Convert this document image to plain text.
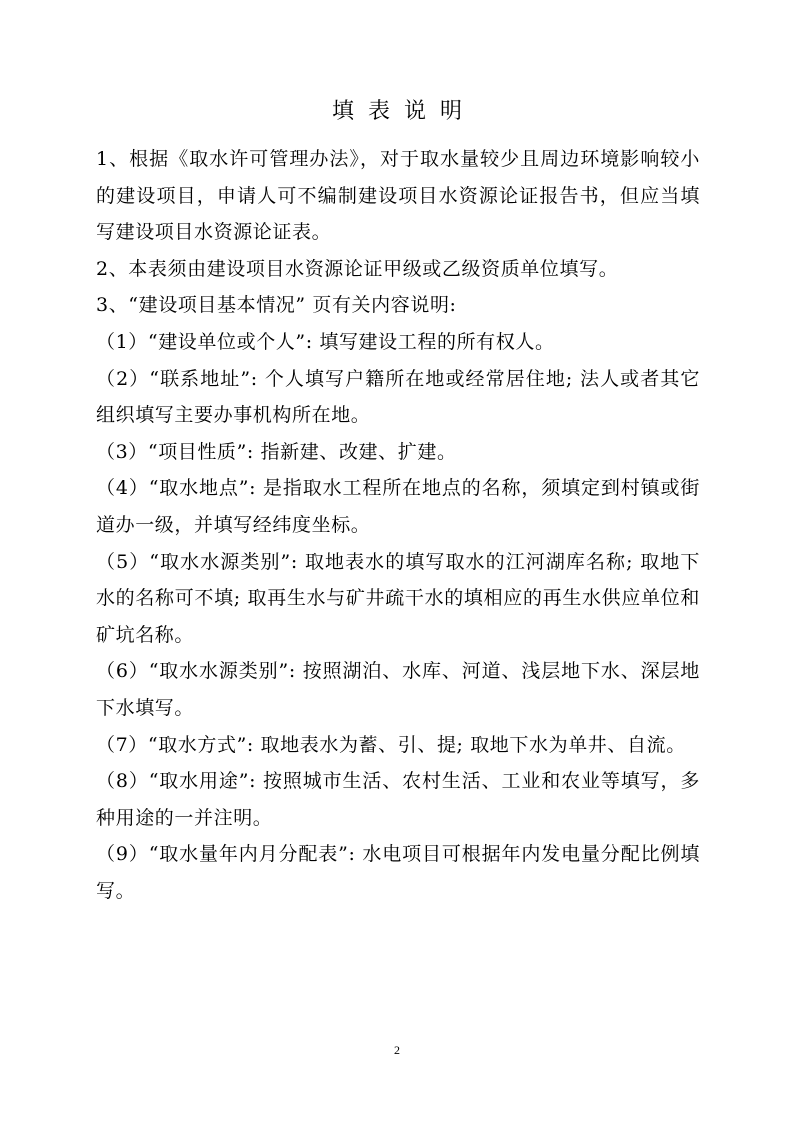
填表说明

1、根据《取水许可管理办法》，对于取水量较少且周边环境影响较小的建设项目，申请人可不编制建设项目水资源论证报告书，但应当填写建设项目水资源论证表。

2、本表须由建设项目水资源论证甲级或乙级资质单位填写。

3、“建设项目基本情况” 页有关内容说明:

（1）“建设单位或个人”: 填写建设工程的所有权人。

（2）“联系地址”: 个人填写户籍所在地或经常居住地; 法人或者其它组织填写主要办事机构所在地。

（3）“项目性质”: 指新建、改建、扩建。

（4）“取水地点”: 是指取水工程所在地点的名称，须填定到村镇或街道办一级，并填写经纬度坐标。

（5）“取水水源类别”: 取地表水的填写取水的江河湖库名称; 取地下水的名称可不填; 取再生水与矿井疏干水的填相应的再生水供应单位和矿坑名称。

（6）“取水水源类别”: 按照湖泊、水库、河道、浅层地下水、深层地下水填写。

（7）“取水方式”: 取地表水为蓄、引、提; 取地下水为单井、自流。

（8）“取水用途”: 按照城市生活、农村生活、工业和农业等填写，多种用途的一并注明。

（9）“取水量年内月分配表”: 水电项目可根据年内发电量分配比例填写。

2
